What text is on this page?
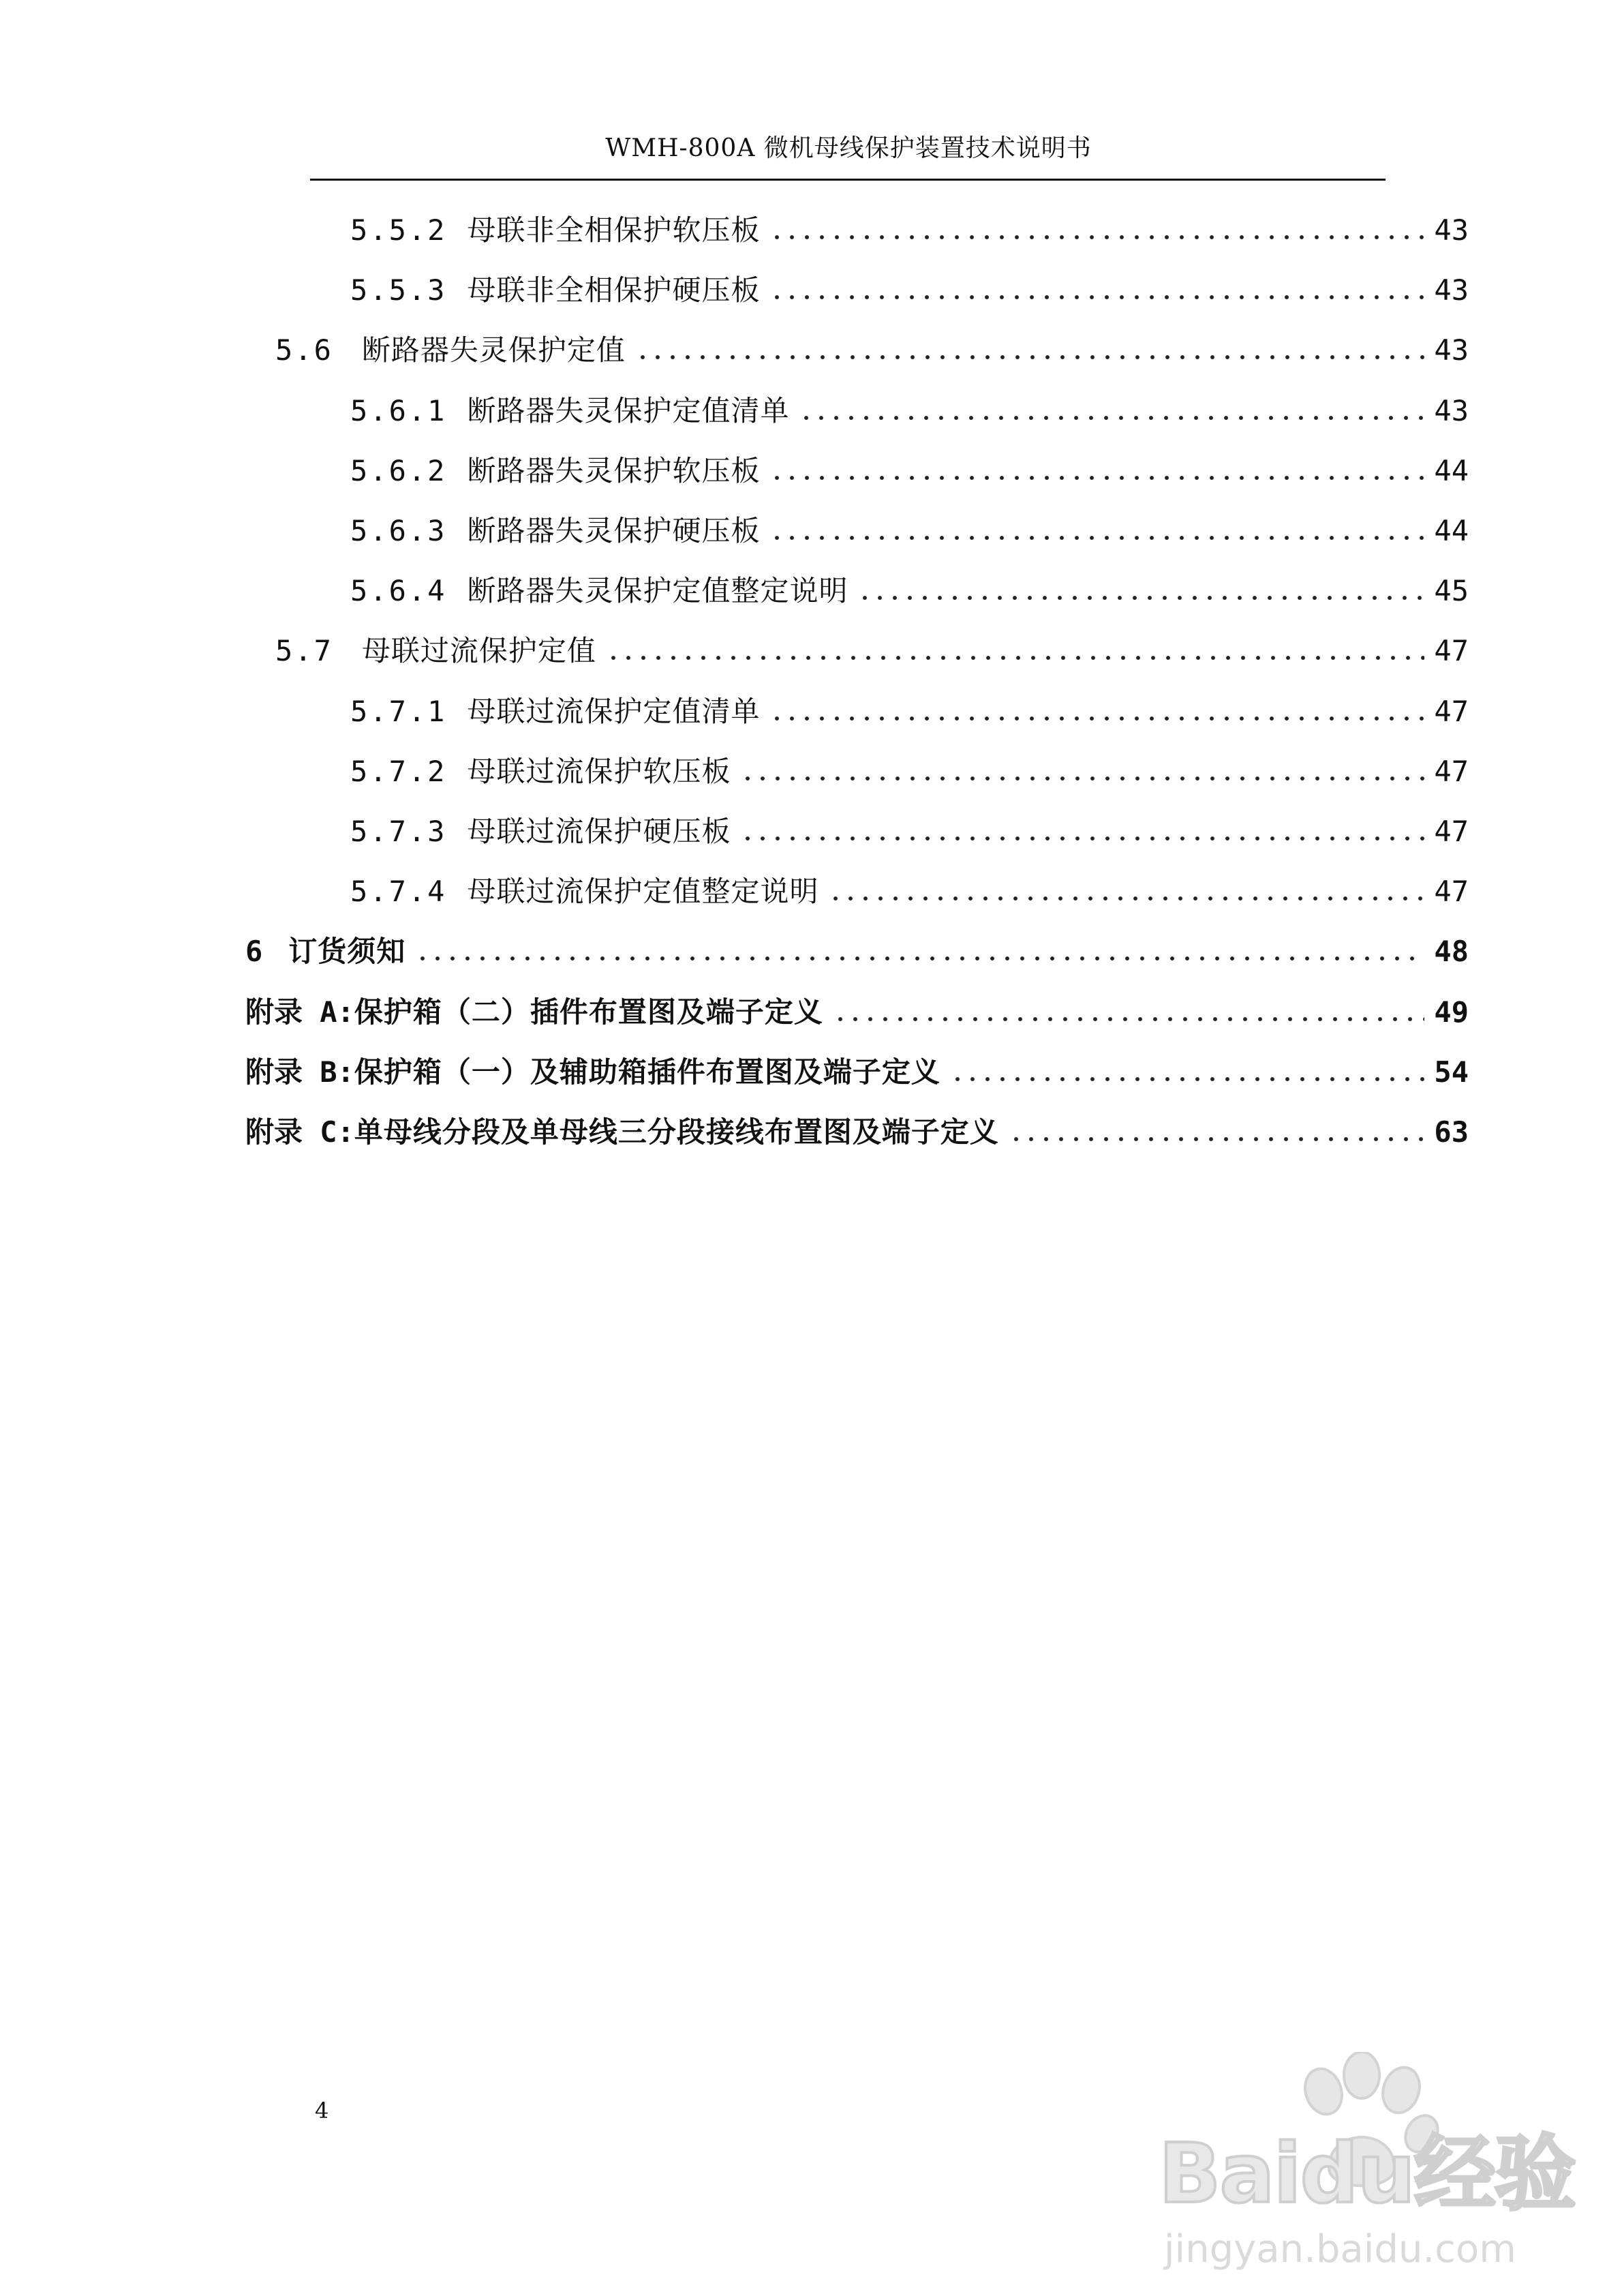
WMH-800A 微机母线保护装置技术说明书
5.5.2 母联非全相保护软压板	43
5.5.3 母联非全相保护硬压板	43
5.6 断路器失灵保护定值	43
5.6.1 断路器失灵保护定值清单	43
5.6.2 断路器失灵保护软压板	44
5.6.3 断路器失灵保护硬压板	44
5.6.4 断路器失灵保护定值整定说明	45
5.7 母联过流保护定值	47
5.7.1 母联过流保护定值清单	47
5.7.2 母联过流保护软压板	47
5.7.3 母联过流保护硬压板	47
5.7.4 母联过流保护定值整定说明	47
6 订货须知	48
附录 A: 保护箱（二）插件布置图及端子定义	49
附录 B: 保护箱（一）及辅助箱插件布置图及端子定义	54
附录 C: 单母线分段及单母线三分段接线布置图及端子定义	63
4
Baidu经验
jingyan.baidu.com
